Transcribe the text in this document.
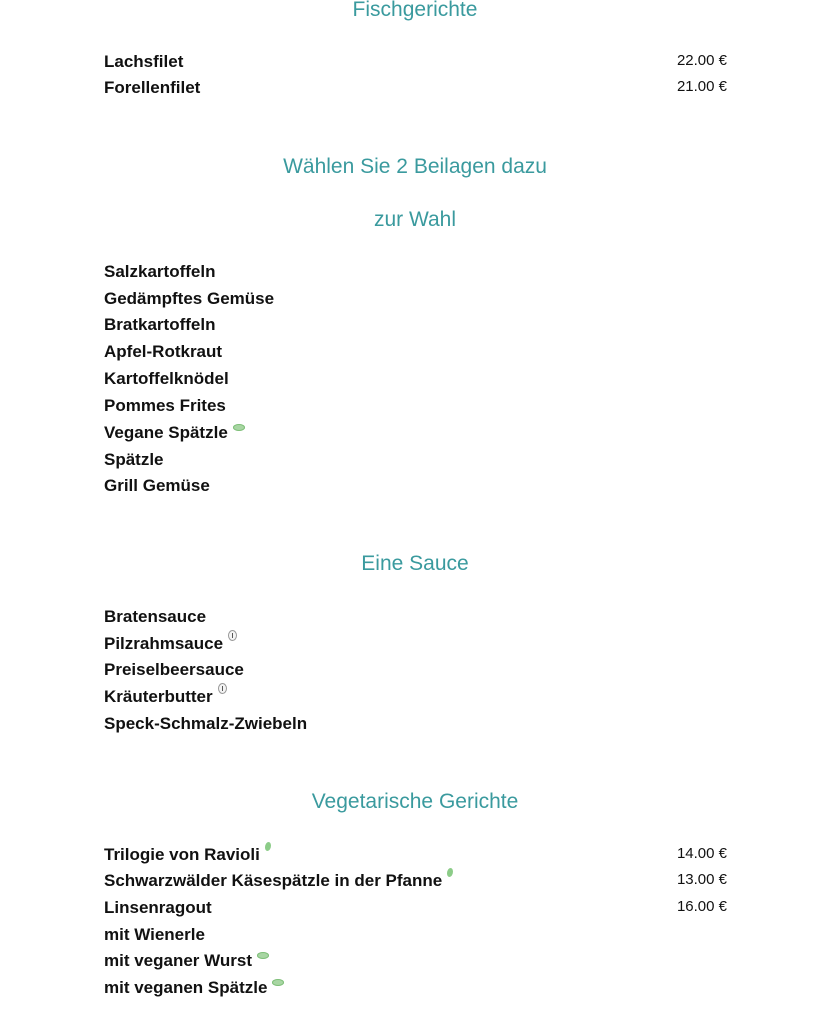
Fischgerichte
Lachsfilet	22.00 €
Forellenfilet	21.00 €
Wählen Sie 2 Beilagen dazu
zur Wahl
Salzkartoffeln
Gedämpftes Gemüse
Bratkartoffeln
Apfel-Rotkraut
Kartoffelknödel
Pommes Frites
Vegane Spätzle
Spätzle
Grill Gemüse
Eine Sauce
Bratensauce
Pilzrahmsauce
Preiselbeersauce
Kräuterbutter
Speck-Schmalz-Zwiebeln
Vegetarische Gerichte
Trilogie von Ravioli	14.00 €
Schwarzwälder Käsespätzle in der Pfanne	13.00 €
Linsenragout	16.00 €
mit Wienerle
mit veganer Wurst
mit veganen Spätzle
